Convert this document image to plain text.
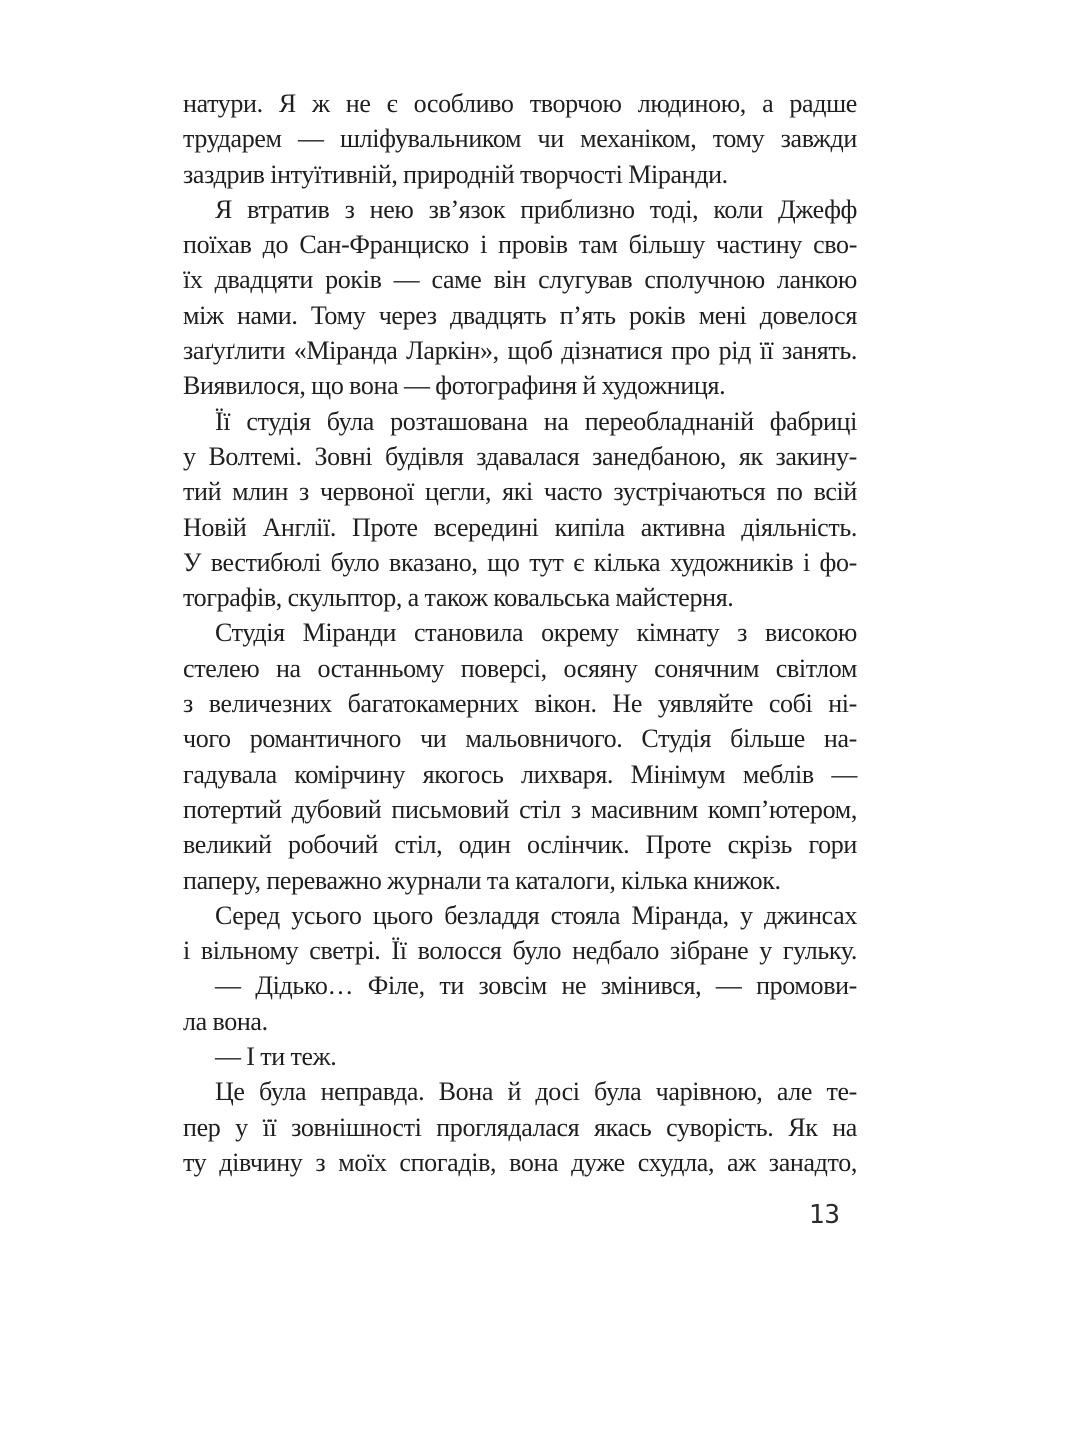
натури. Я ж не є особливо творчою людиною, а радше
трударем — шліфувальником чи механіком, тому завжди
заздрив інтуїтивній, природній творчості Міранди.
Я втратив з нею зв’язок приблизно тоді, коли Джефф
поїхав до Сан-Франциско і провів там більшу частину сво-
їх двадцяти років — саме він слугував сполучною ланкою
між нами. Тому через двадцять п’ять років мені довелося
заґуґлити «Міранда Ларкін», щоб дізнатися про рід її занять.
Виявилося, що вона — фотографиня й художниця.
Її студія була розташована на переобладнаній фабриці
у Волтемі. Зовні будівля здавалася занедбаною, як закину-
тий млин з червоної цегли, які часто зустрічаються по всій
Новій Англії. Проте всередині кипіла активна діяльність.
У вестибюлі було вказано, що тут є кілька художників і фо-
тографів, скульптор, а також ковальська майстерня.
Студія Міранди становила окрему кімнату з високою
стелею на останньому поверсі, осяяну сонячним світлом
з величезних багатокамерних вікон. Не уявляйте собі ні-
чого романтичного чи мальовничого. Студія більше на-
гадувала комірчину якогось лихваря. Мінімум меблів —
потертий дубовий письмовий стіл з масивним комп’ютером,
великий робочий стіл, один ослінчик. Проте скрізь гори
паперу, переважно журнали та каталоги, кілька книжок.
Серед усього цього безладдя стояла Міранда, у джинсах
і вільному светрі. Її волосся було недбало зібране у гульку.
— Дідько… Філе, ти зовсім не змінився, — промови-
ла вона.
— І ти теж.
Це була неправда. Вона й досі була чарівною, але те-
пер у її зовнішності проглядалася якась суворість. Як на
ту дівчину з моїх спогадів, вона дуже схудла, аж занадто,
13
